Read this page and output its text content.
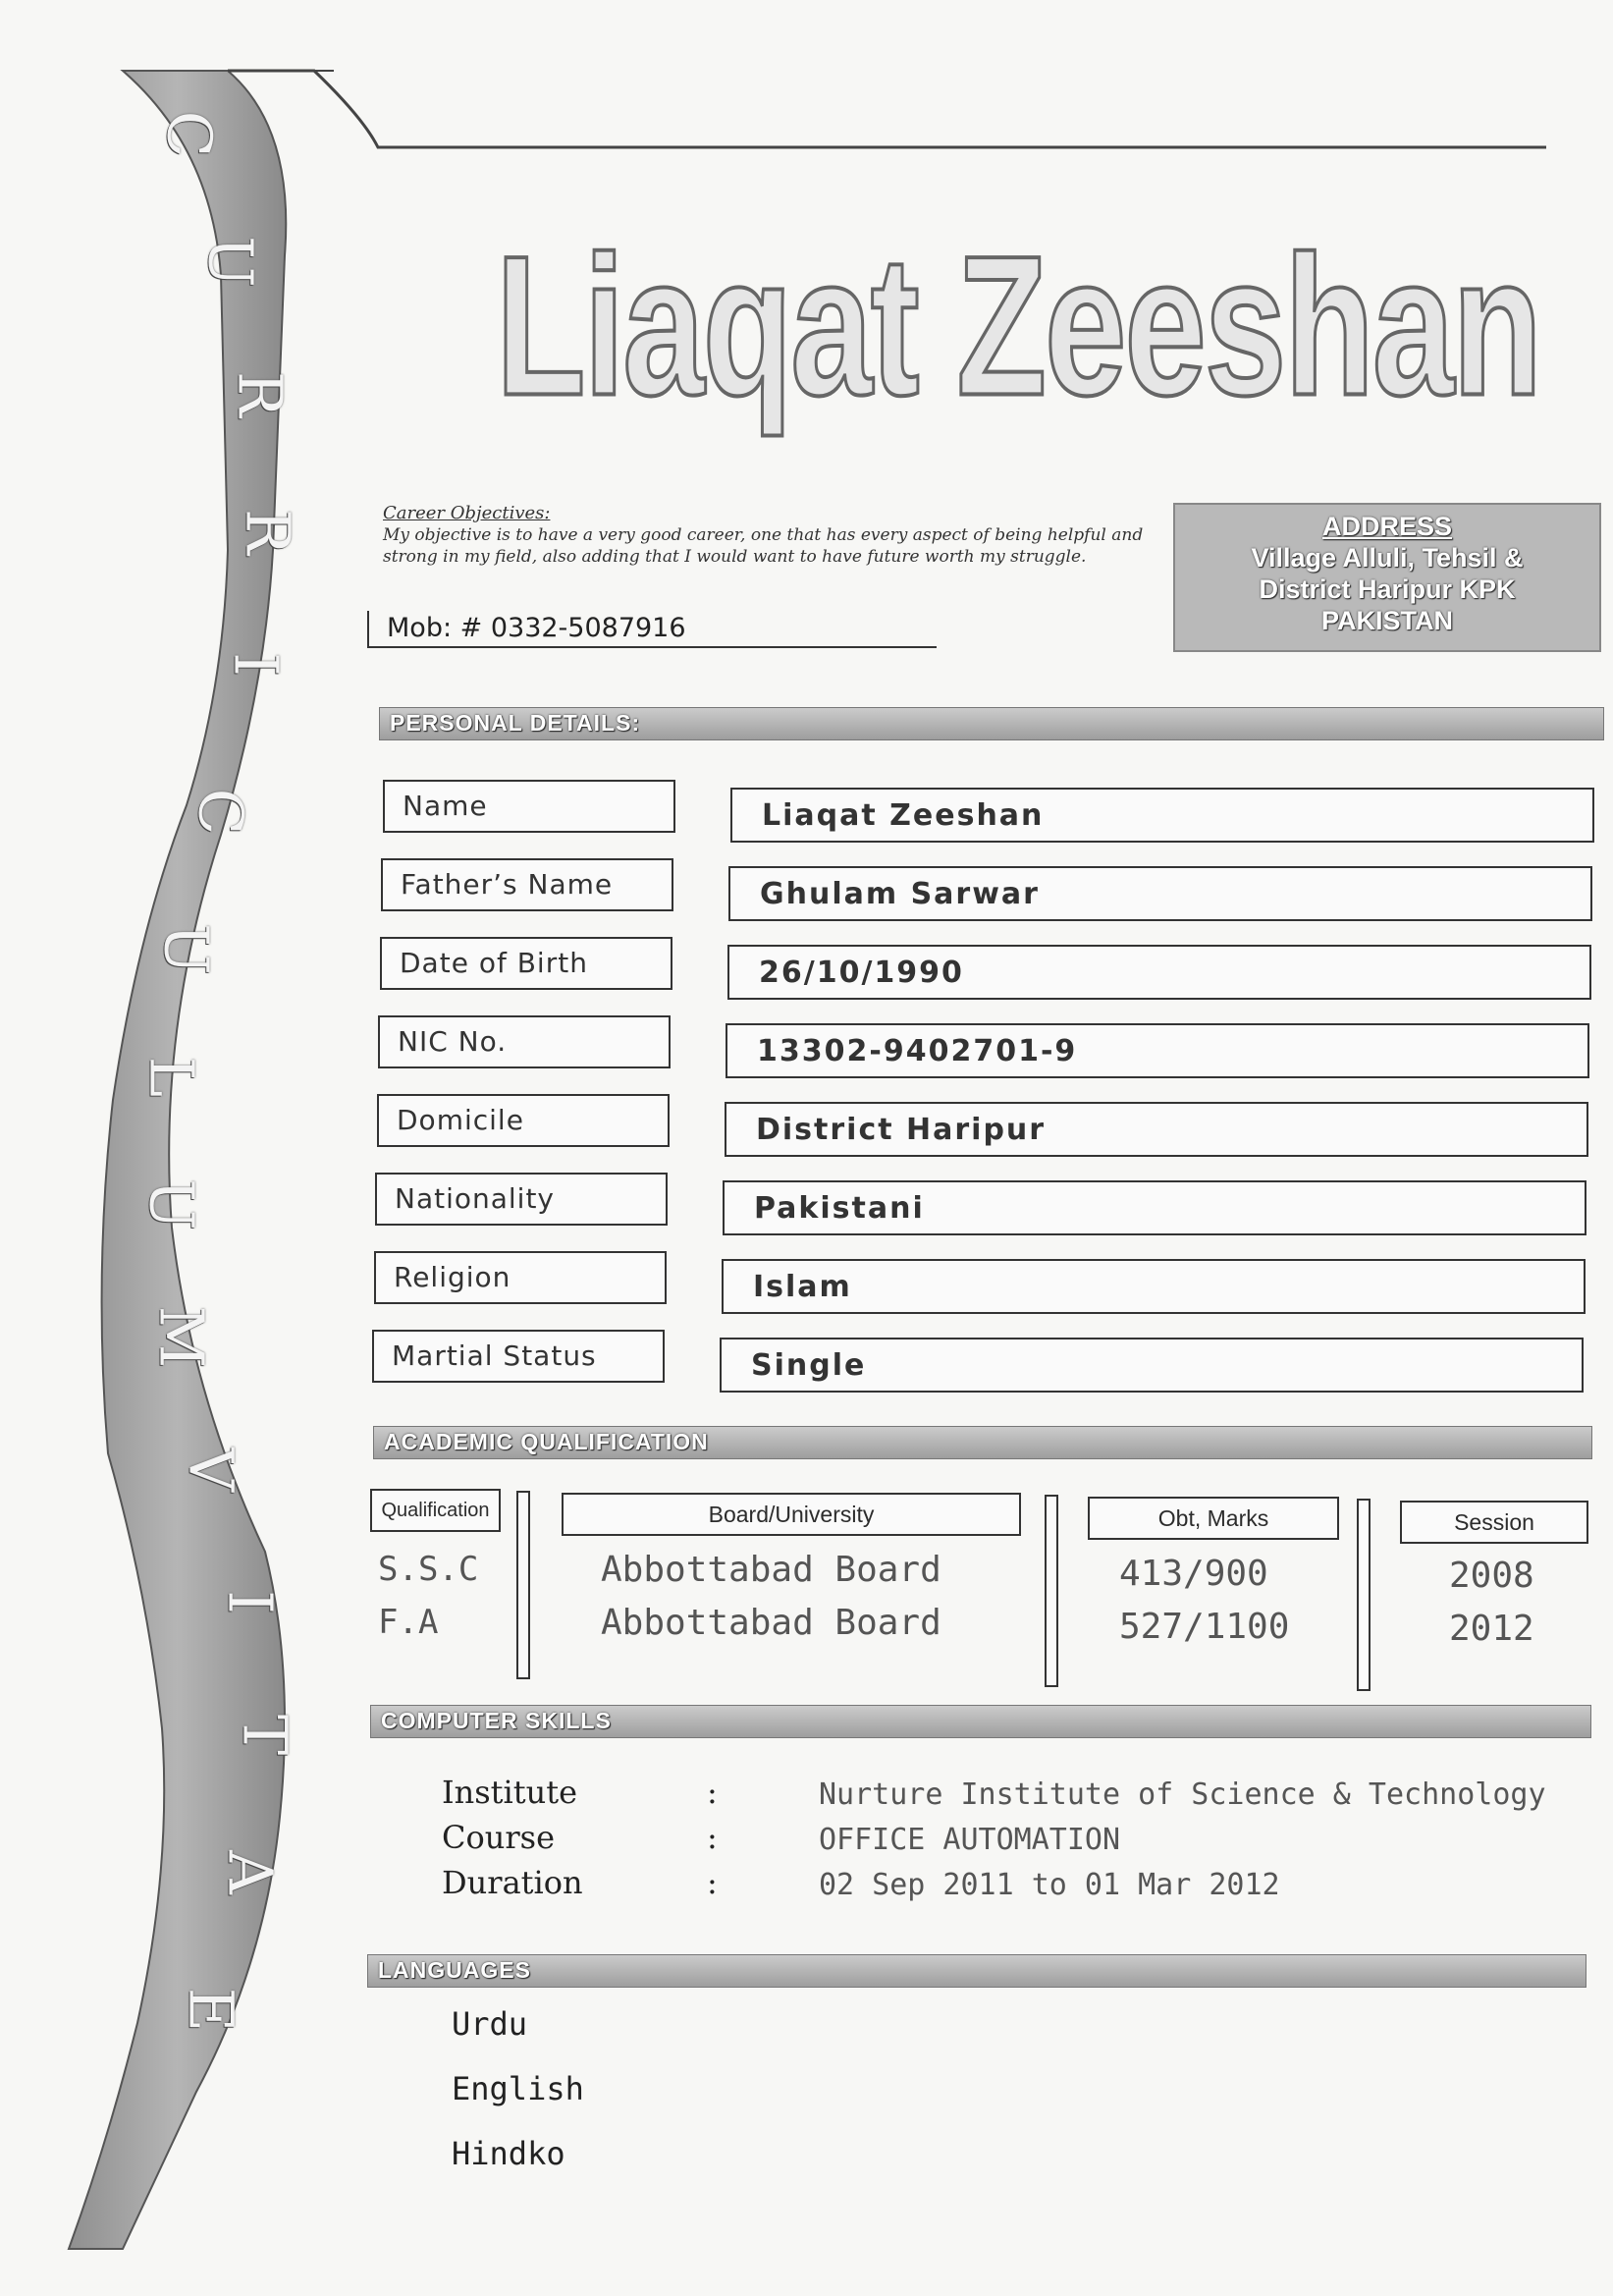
C
U
R
R
I
C
U
L
U
M
V
I
T
A
E
Liaqat Zeeshan
Career Objectives:
My objective is to have a very good career, one that has every aspect of being helpful and strong in my field, also adding that I would want to have future worth my struggle.
Mob: # 0332-5087916
ADDRESS
Village Alluli, Tehsil &
District Haripur KPK
PAKISTAN
PERSONAL DETAILS:
Name	Liaqat Zeeshan
Father’s Name	Ghulam Sarwar
Date of Birth	26/10/1990
NIC No.	13302-9402701-9
Domicile	District Haripur
Nationality	Pakistani
Religion	Islam
Martial Status	Single
ACADEMIC QUALIFICATION
Qualification	Board/University	Obt, Marks	Session
S.S.C	Abbottabad Board	413/900	2008
F.A	Abbottabad Board	527/1100	2012
COMPUTER SKILLS
Institute	:	Nurture Institute of Science & Technology
Course	:	OFFICE AUTOMATION
Duration	:	02 Sep 2011 to 01 Mar 2012
LANGUAGES
Urdu
English
Hindko
